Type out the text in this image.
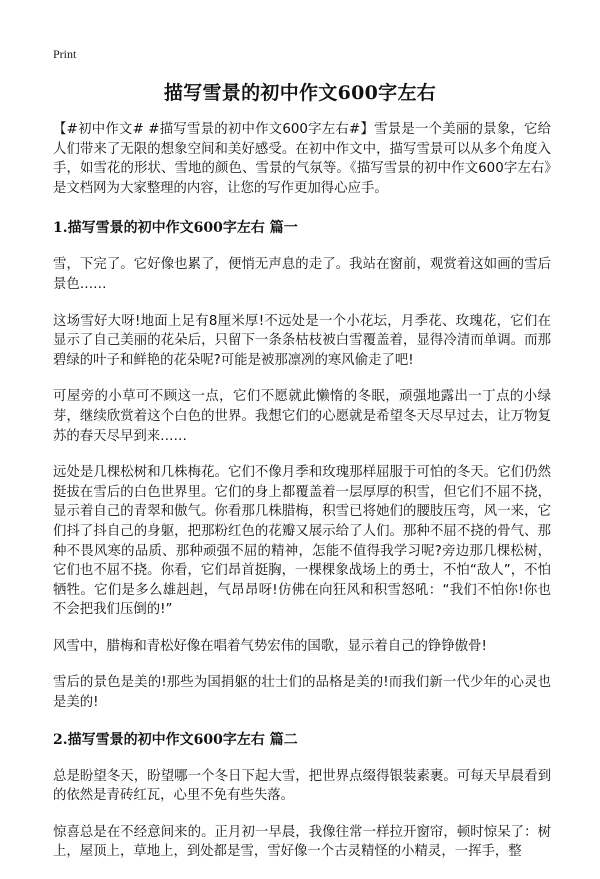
Print
描写雪景的初中作文600字左右

【#初中作文# #描写雪景的初中作文600字左右#】雪景是一个美丽的景象，它给人们带来了无限的想象空间和美好感受。在初中作文中，描写雪景可以从多个角度入手，如雪花的形状、雪地的颜色、雪景的气氛等。《描写雪景的初中作文600字左右》是文档网为大家整理的内容，让您的写作更加得心应手。

1.描写雪景的初中作文600字左右 篇一

雪，下完了。它好像也累了，便悄无声息的走了。我站在窗前，观赏着这如画的雪后景色……

这场雪好大呀!地面上足有8厘米厚!不远处是一个小花坛，月季花、玫瑰花，它们在显示了自己美丽的花朵后，只留下一条条枯枝被白雪覆盖着，显得冷清而单调。而那碧绿的叶子和鲜艳的花朵呢?可能是被那凛冽的寒风偷走了吧!

可屋旁的小草可不顾这一点，它们不愿就此懒惰的冬眠，顽强地露出一丁点的小绿芽，继续欣赏着这个白色的世界。我想它们的心愿就是希望冬天尽早过去，让万物复苏的春天尽早到来……

远处是几棵松树和几株梅花。它们不像月季和玫瑰那样屈服于可怕的冬天。它们仍然挺拔在雪后的白色世界里。它们的身上都覆盖着一层厚厚的积雪，但它们不屈不挠，显示着自己的青翠和傲气。你看那几株腊梅，积雪已将她们的腰肢压弯，风一来，它们抖了抖自己的身躯，把那粉红色的花瓣又展示给了人们。那种不屈不挠的骨气、那种不畏风寒的品质、那种顽强不屈的精神，怎能不值得我学习呢?旁边那几棵松树，它们也不屈不挠。你看，它们昂首挺胸，一棵棵象战场上的勇士，不怕“敌人”，不怕牺牲。它们是多么雄赳赳，气昂昂呀!仿佛在向狂风和积雪怒吼：“我们不怕你!你也不会把我们压倒的!”

风雪中，腊梅和青松好像在唱着气势宏伟的国歌，显示着自己的铮铮傲骨!

雪后的景色是美的!那些为国捐躯的壮士们的品格是美的!而我们新一代少年的心灵也是美的!

2.描写雪景的初中作文600字左右 篇二

总是盼望冬天，盼望哪一个冬日下起大雪，把世界点缀得银装素裹。可每天早晨看到的依然是青砖红瓦，心里不免有些失落。

惊喜总是在不经意间来的。正月初一早晨，我像往常一样拉开窗帘，顿时惊呆了：树上，屋顶上，草地上，到处都是雪，雪好像一个古灵精怪的小精灵，一挥手，整
